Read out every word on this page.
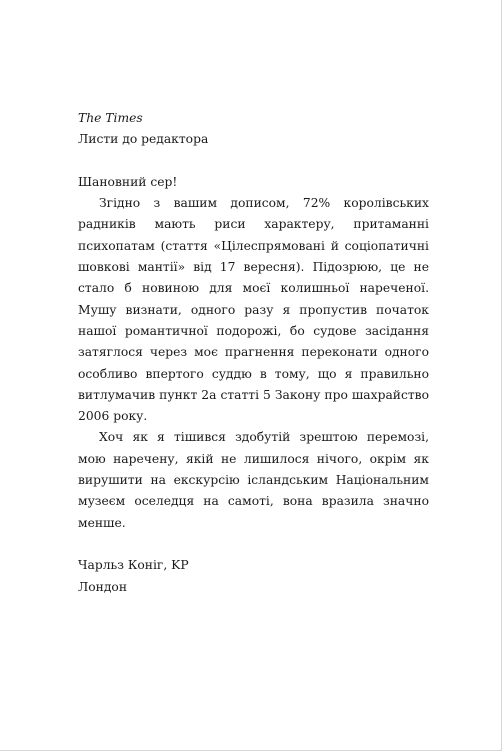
The Times
Листи до редактора

Шановний сер!

Згідно з вашим дописом, 72% королівських радників мають риси характеру, притаманні психопатам (стаття «Цілеспрямовані й соціопатичні шовкові мантії» від 17 вересня). Підозрюю, це не стало б новиною для моєї колишньої нареченої. Мушу визнати, одного разу я пропустив початок нашої романтичної подорожі, бо судове засідання затяглося через моє прагнення переконати одного особливо впертого суддю в тому, що я правильно витлумачив пункт 2а статті 5 Закону про шахрайство 2006 року.

Хоч як я тішився здобутій зрештою перемозі, мою наречену, якій не лишилося нічого, окрім як вирушити на екскурсію ісландським Національним музеєм оселедця на самоті, вона вразила значно менше.

Чарльз Коніг, KP
Лондон
